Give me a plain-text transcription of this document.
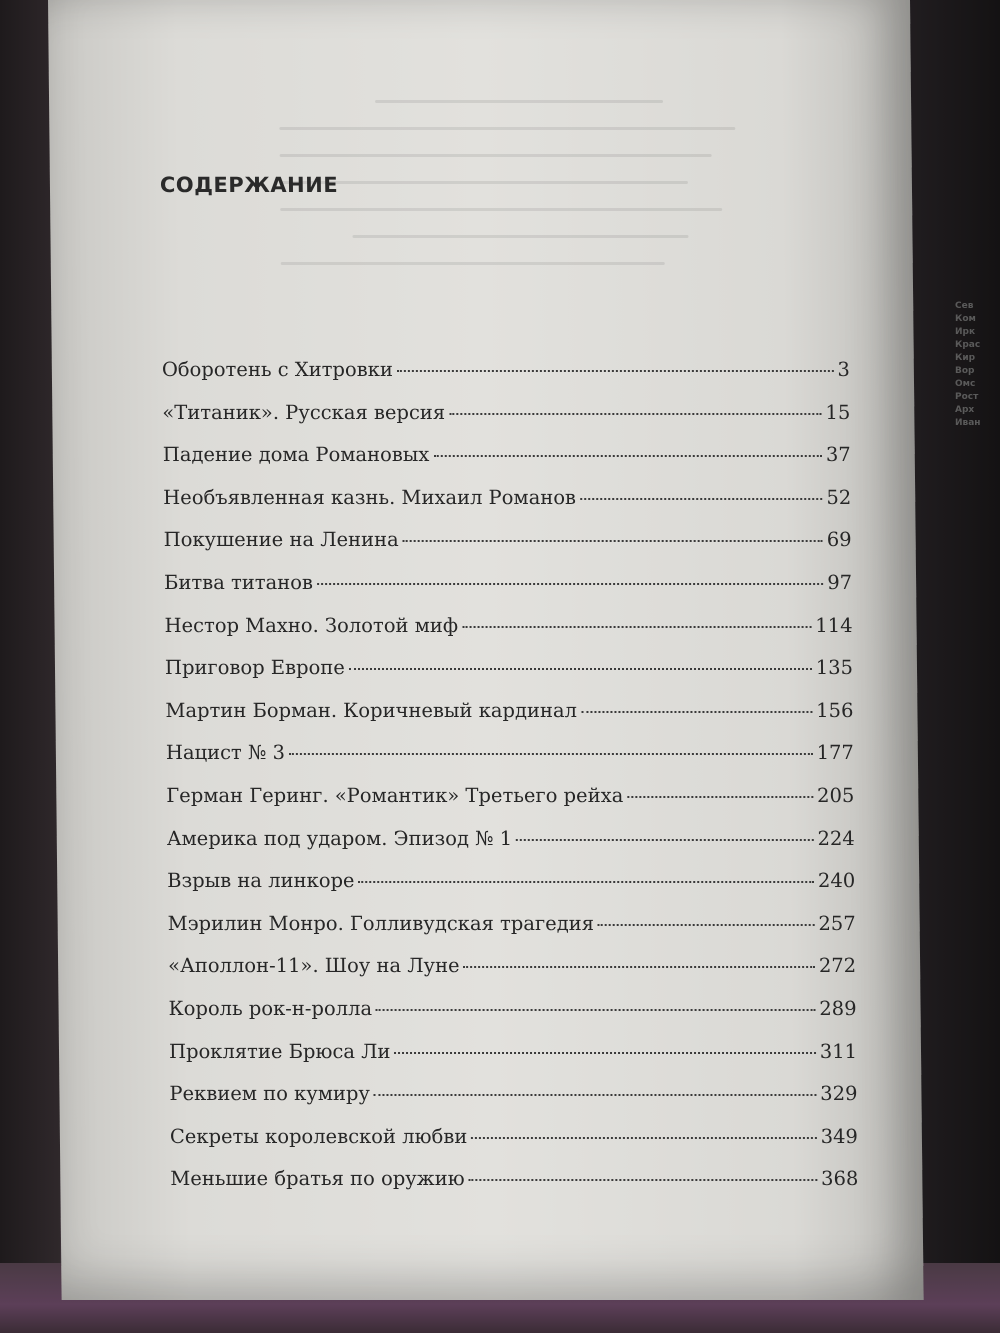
СОДЕРЖАНИЕ
Оборотень с Хитровки	3
«Титаник». Русская версия	15
Падение дома Романовых	37
Необъявленная казнь. Михаил Романов	52
Покушение на Ленина	69
Битва титанов	97
Нестор Махно. Золотой миф	114
Приговор Европе	135
Мартин Борман. Коричневый кардинал	156
Нацист № 3	177
Герман Геринг. «Романтик» Третьего рейха	205
Америка под ударом. Эпизод № 1	224
Взрыв на линкоре	240
Мэрилин Монро. Голливудская трагедия	257
«Аполлон-11». Шоу на Луне	272
Король рок-н-ролла	289
Проклятие Брюса Ли	311
Реквием по кумиру	329
Секреты королевской любви	349
Меньшие братья по оружию	368
Сев
Ком
Ирк
Крас
Кир
Вор
Омс
Рост
Арх
Иван
